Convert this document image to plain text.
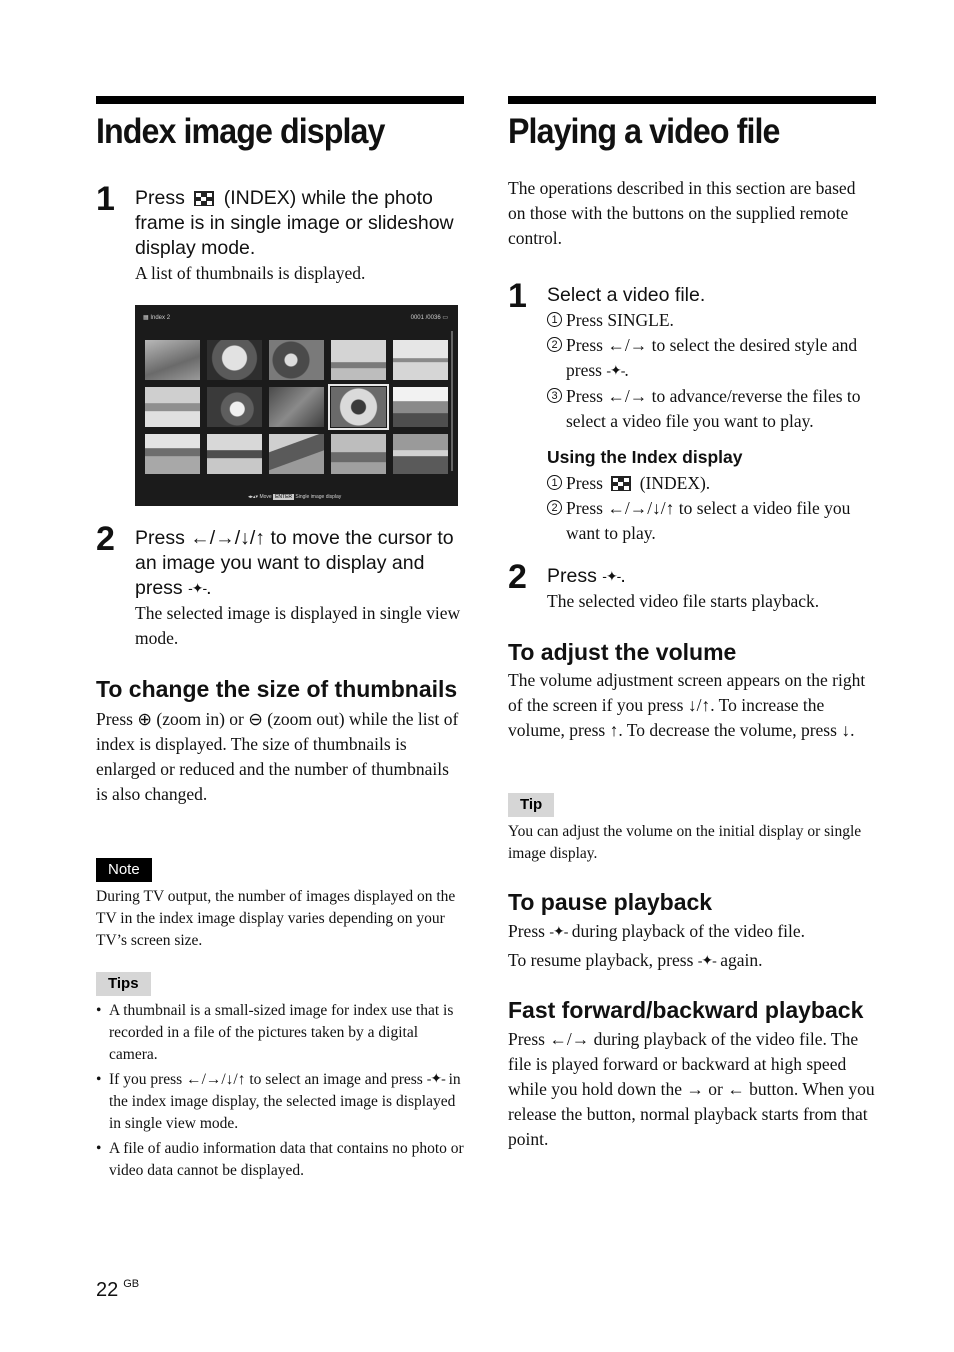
Index image display
1 Press (INDEX) while the photo frame is in single image or slideshow display mode.
A list of thumbnails is displayed.
▦ Index 2	0001 /0036 ▭
◂▸▴▾ Move ENTER Single image display
2 Press ←/→/↓/↑ to move the cursor to an image you want to display and press -✦-.
The selected image is displayed in single view mode.
To change the size of thumbnails
Press ⊕ (zoom in) or ⊖ (zoom out) while the list of index is displayed. The size of thumbnails is enlarged or reduced and the number of thumbnails is also changed.
Note
During TV output, the number of images displayed on the TV in the index image display varies depending on your TV’s screen size.
Tips
• A thumbnail is a small-sized image for index use that is recorded in a file of the pictures taken by a digital camera.
• If you press ←/→/↓/↑ to select an image and press -✦- in the index image display, the selected image is displayed in single view mode.
• A file of audio information data that contains no photo or video data cannot be displayed.
Playing a video file
The operations described in this section are based on those with the buttons on the supplied remote control.
1 Select a video file.
1 Press SINGLE.
2 Press ←/→ to select the desired style and press -✦-.
3 Press ←/→ to advance/reverse the files to select a video file you want to play.
Using the Index display
1 Press (INDEX).
2 Press ←/→/↓/↑ to select a video file you want to play.
2 Press -✦-.
The selected video file starts playback.
To adjust the volume
The volume adjustment screen appears on the right of the screen if you press ↓/↑. To increase the volume, press ↑. To decrease the volume, press ↓.
Tip
You can adjust the volume on the initial display or single image display.
To pause playback
Press -✦- during playback of the video file.
To resume playback, press -✦- again.
Fast forward/backward playback
Press ←/→ during playback of the video file. The file is played forward or backward at high speed while you hold down the → or ← button. When you release the button, normal playback starts from that point.
22 $^{GB}$
